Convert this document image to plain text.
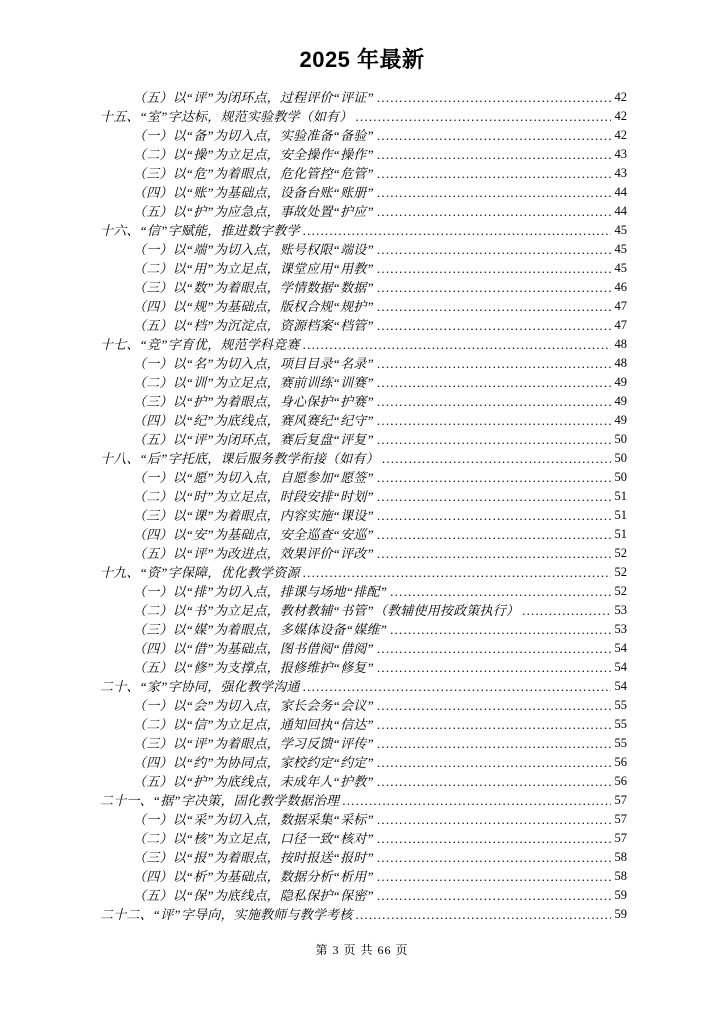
2025 年最新
（五）以“评”为闭环点，过程评价“评证” .....	42
十五、“室”字达标，规范实验教学（如有） .....	42
（一）以“备”为切入点，实验准备“备验” .....	42
（二）以“操”为立足点，安全操作“操作” .....	43
（三）以“危”为着眼点，危化管控“危管” .....	43
（四）以“账”为基础点，设备台账“账册” .....	44
（五）以“护”为应急点，事故处置“护应” .....	44
十六、“信”字赋能，推进数字教学 .....	45
（一）以“端”为切入点，账号权限“端设” .....	45
（二）以“用”为立足点，课堂应用“用教” .....	45
（三）以“数”为着眼点，学情数据“数据” .....	46
（四）以“规”为基础点，版权合规“规护” .....	47
（五）以“档”为沉淀点，资源档案“档管” .....	47
十七、“竞”字育优，规范学科竞赛 .....	48
（一）以“名”为切入点，项目目录“名录” .....	48
（二）以“训”为立足点，赛前训练“训赛” .....	49
（三）以“护”为着眼点，身心保护“护赛” .....	49
（四）以“纪”为底线点，赛风赛纪“纪守” .....	49
（五）以“评”为闭环点，赛后复盘“评复” .....	50
十八、“后”字托底，课后服务教学衔接（如有） .....	50
（一）以“愿”为切入点，自愿参加“愿签” .....	50
（二）以“时”为立足点，时段安排“时划” .....	51
（三）以“课”为着眼点，内容实施“课设” .....	51
（四）以“安”为基础点，安全巡查“安巡” .....	51
（五）以“评”为改进点，效果评价“评改” .....	52
十九、“资”字保障，优化教学资源 .....	52
（一）以“排”为切入点，排课与场地“排配” .....	52
（二）以“书”为立足点，教材教辅“书管”（教辅使用按政策执行） .....	53
（三）以“媒”为着眼点，多媒体设备“媒维” .....	53
（四）以“借”为基础点，图书借阅“借阅” .....	54
（五）以“修”为支撑点，报修维护“修复” .....	54
二十、“家”字协同，强化教学沟通 .....	54
（一）以“会”为切入点，家长会务“会议” .....	55
（二）以“信”为立足点，通知回执“信达” .....	55
（三）以“评”为着眼点，学习反馈“评传” .....	55
（四）以“约”为协同点，家校约定“约定” .....	56
（五）以“护”为底线点，未成年人“护教” .....	56
二十一、“据”字决策，固化教学数据治理 .....	57
（一）以“采”为切入点，数据采集“采标” .....	57
（二）以“核”为立足点，口径一致“核对” .....	57
（三）以“报”为着眼点，按时报送“报时” .....	58
（四）以“析”为基础点，数据分析“析用” .....	58
（五）以“保”为底线点，隐私保护“保密” .....	59
二十二、“评”字导向，实施教师与教学考核 .....	59
第 3 页 共 66 页
